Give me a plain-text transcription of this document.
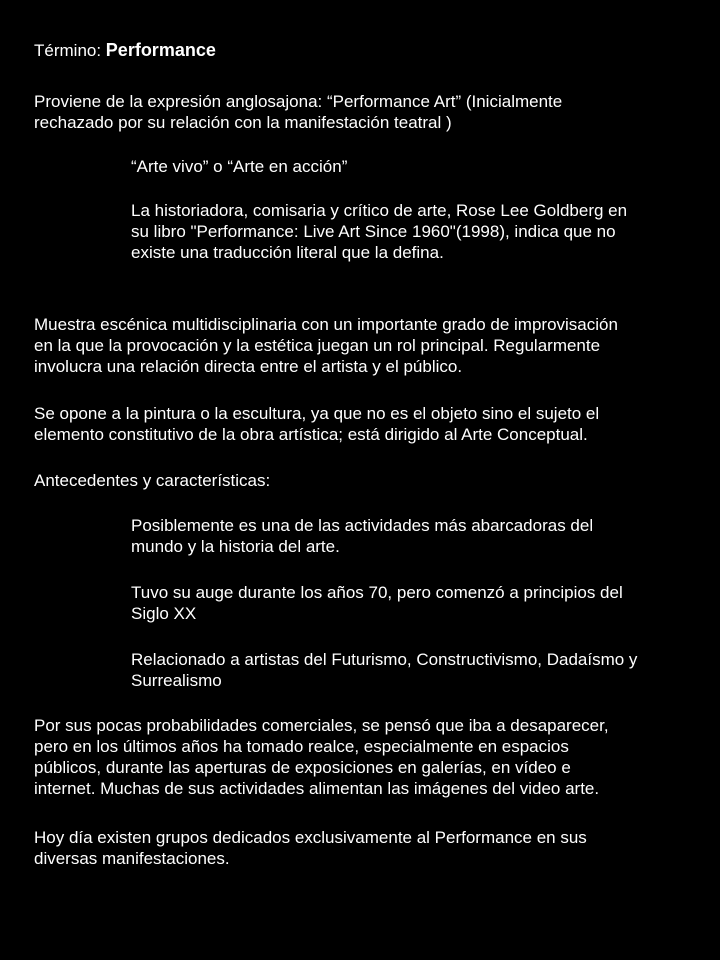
Término: Performance

Proviene de la expresión anglosajona: “Performance Art” (Inicialmente
rechazado por su relación con la manifestación teatral )

“Arte vivo” o “Arte en acción”

La historiadora, comisaria y crítico de arte, Rose Lee Goldberg en
su libro "Performance: Live Art Since 1960"(1998), indica que no
existe una traducción literal que la defina.

Muestra escénica multidisciplinaria con un importante grado de improvisación
en la que la provocación y la estética juegan un rol principal. Regularmente
involucra una relación directa entre el artista y el público.

Se opone a la pintura o la escultura, ya que no es el objeto sino el sujeto el
elemento constitutivo de la obra artística; está dirigido al Arte Conceptual.

Antecedentes y características:

Posiblemente es una de las actividades más abarcadoras del
mundo y la historia del arte.

Tuvo su auge durante los años 70, pero comenzó a principios del
Siglo XX

Relacionado a artistas del Futurismo, Constructivismo, Dadaísmo y
Surrealismo

Por sus pocas probabilidades comerciales, se pensó que iba a desaparecer,
pero en los últimos años ha tomado realce, especialmente en espacios
públicos, durante las aperturas de exposiciones en galerías, en vídeo e
internet. Muchas de sus actividades alimentan las imágenes del video arte.

Hoy día existen grupos dedicados exclusivamente al Performance en sus
diversas manifestaciones.
